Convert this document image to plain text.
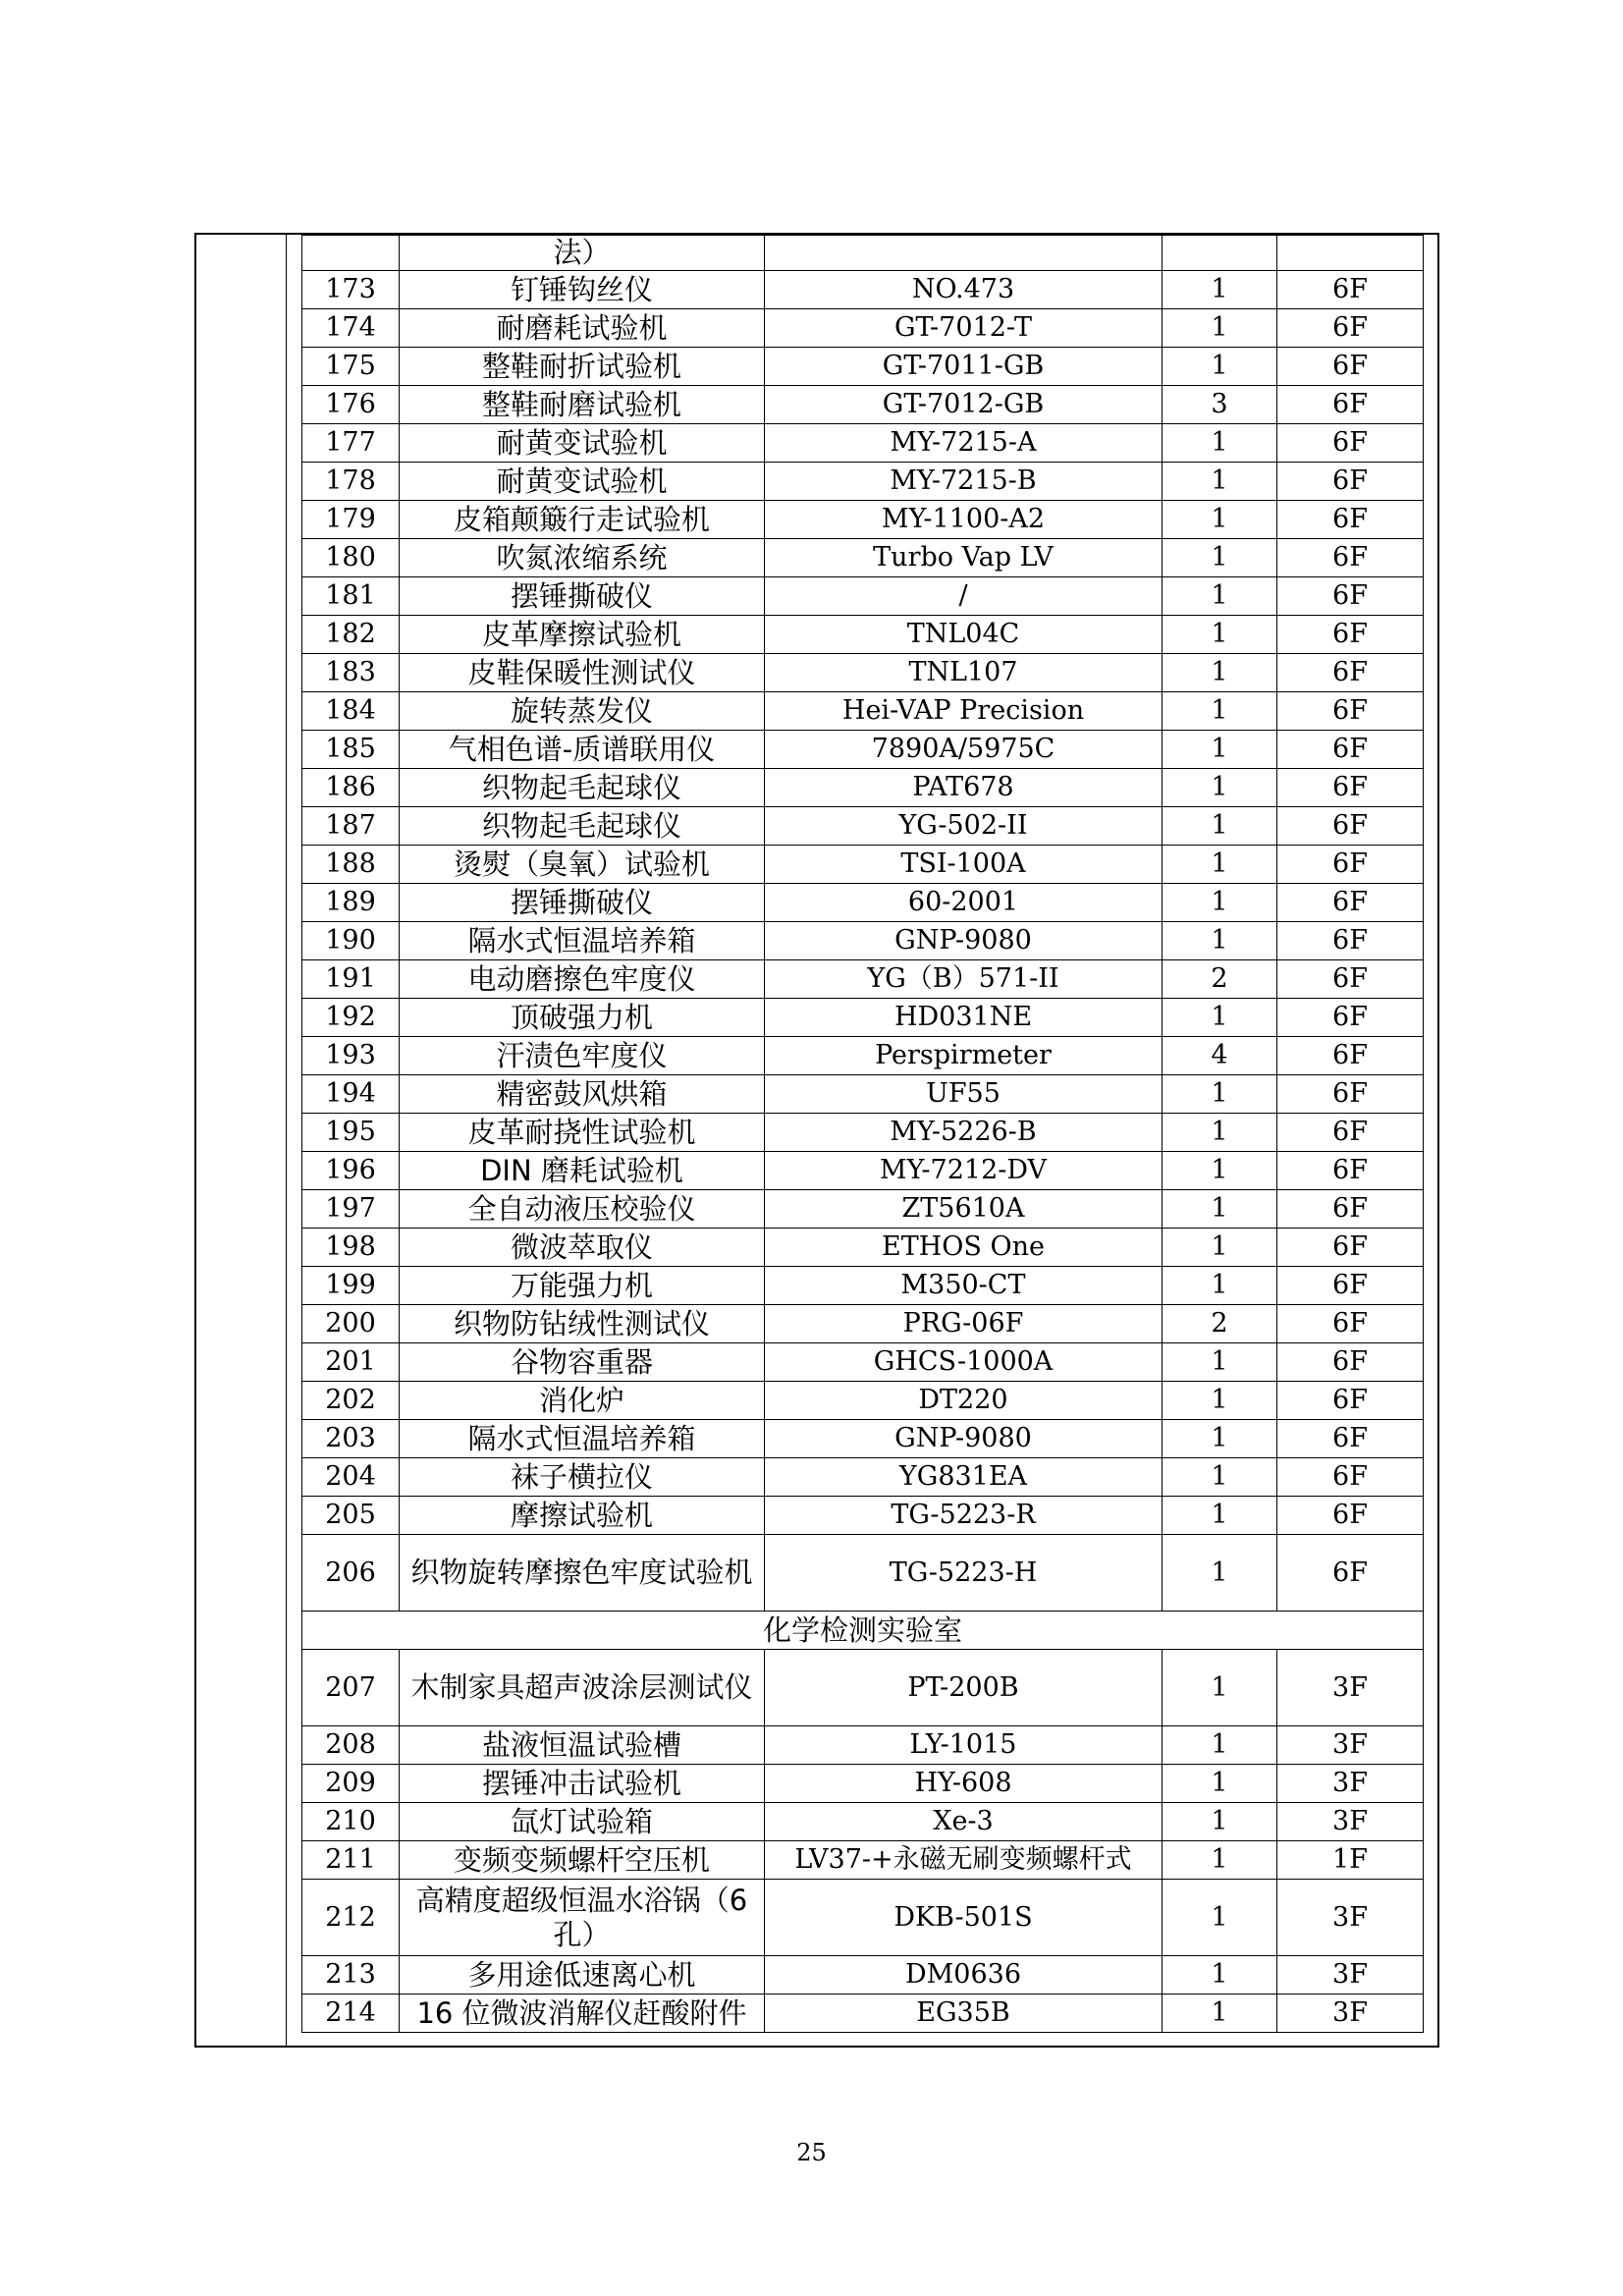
	法）			
173	钉锤钩丝仪	NO.473	1	6F
174	耐磨耗试验机	GT-7012-T	1	6F
175	整鞋耐折试验机	GT-7011-GB	1	6F
176	整鞋耐磨试验机	GT-7012-GB	3	6F
177	耐黄变试验机	MY-7215-A	1	6F
178	耐黄变试验机	MY-7215-B	1	6F
179	皮箱颠簸行走试验机	MY-1100-A2	1	6F
180	吹氮浓缩系统	Turbo Vap LV	1	6F
181	摆锤撕破仪	/	1	6F
182	皮革摩擦试验机	TNL04C	1	6F
183	皮鞋保暖性测试仪	TNL107	1	6F
184	旋转蒸发仪	Hei-VAP Precision	1	6F
185	气相色谱-质谱联用仪	7890A/5975C	1	6F
186	织物起毛起球仪	PAT678	1	6F
187	织物起毛起球仪	YG-502-II	1	6F
188	烫熨（臭氧）试验机	TSI-100A	1	6F
189	摆锤撕破仪	60-2001	1	6F
190	隔水式恒温培养箱	GNP-9080	1	6F
191	电动磨擦色牢度仪	YG（B）571-II	2	6F
192	顶破强力机	HD031NE	1	6F
193	汗渍色牢度仪	Perspirmeter	4	6F
194	精密鼓风烘箱	UF55	1	6F
195	皮革耐挠性试验机	MY-5226-B	1	6F
196	DIN 磨耗试验机	MY-7212-DV	1	6F
197	全自动液压校验仪	ZT5610A	1	6F
198	微波萃取仪	ETHOS One	1	6F
199	万能强力机	M350-CT	1	6F
200	织物防钻绒性测试仪	PRG-06F	2	6F
201	谷物容重器	GHCS-1000A	1	6F
202	消化炉	DT220	1	6F
203	隔水式恒温培养箱	GNP-9080	1	6F
204	袜子横拉仪	YG831EA	1	6F
205	摩擦试验机	TG-5223-R	1	6F
206	织物旋转摩擦色牢度试验机	TG-5223-H	1	6F
化学检测实验室				
207	木制家具超声波涂层测试仪	PT-200B	1	3F
208	盐液恒温试验槽	LY-1015	1	3F
209	摆锤冲击试验机	HY-608	1	3F
210	氙灯试验箱	Xe-3	1	3F
211	变频变频螺杆空压机	LV37-+永磁无刷变频螺杆式	1	1F
212	高精度超级恒温水浴锅（6孔）	DKB-501S	1	3F
213	多用途低速离心机	DM0636	1	3F
214	16 位微波消解仪赶酸附件	EG35B	1	3F
25
